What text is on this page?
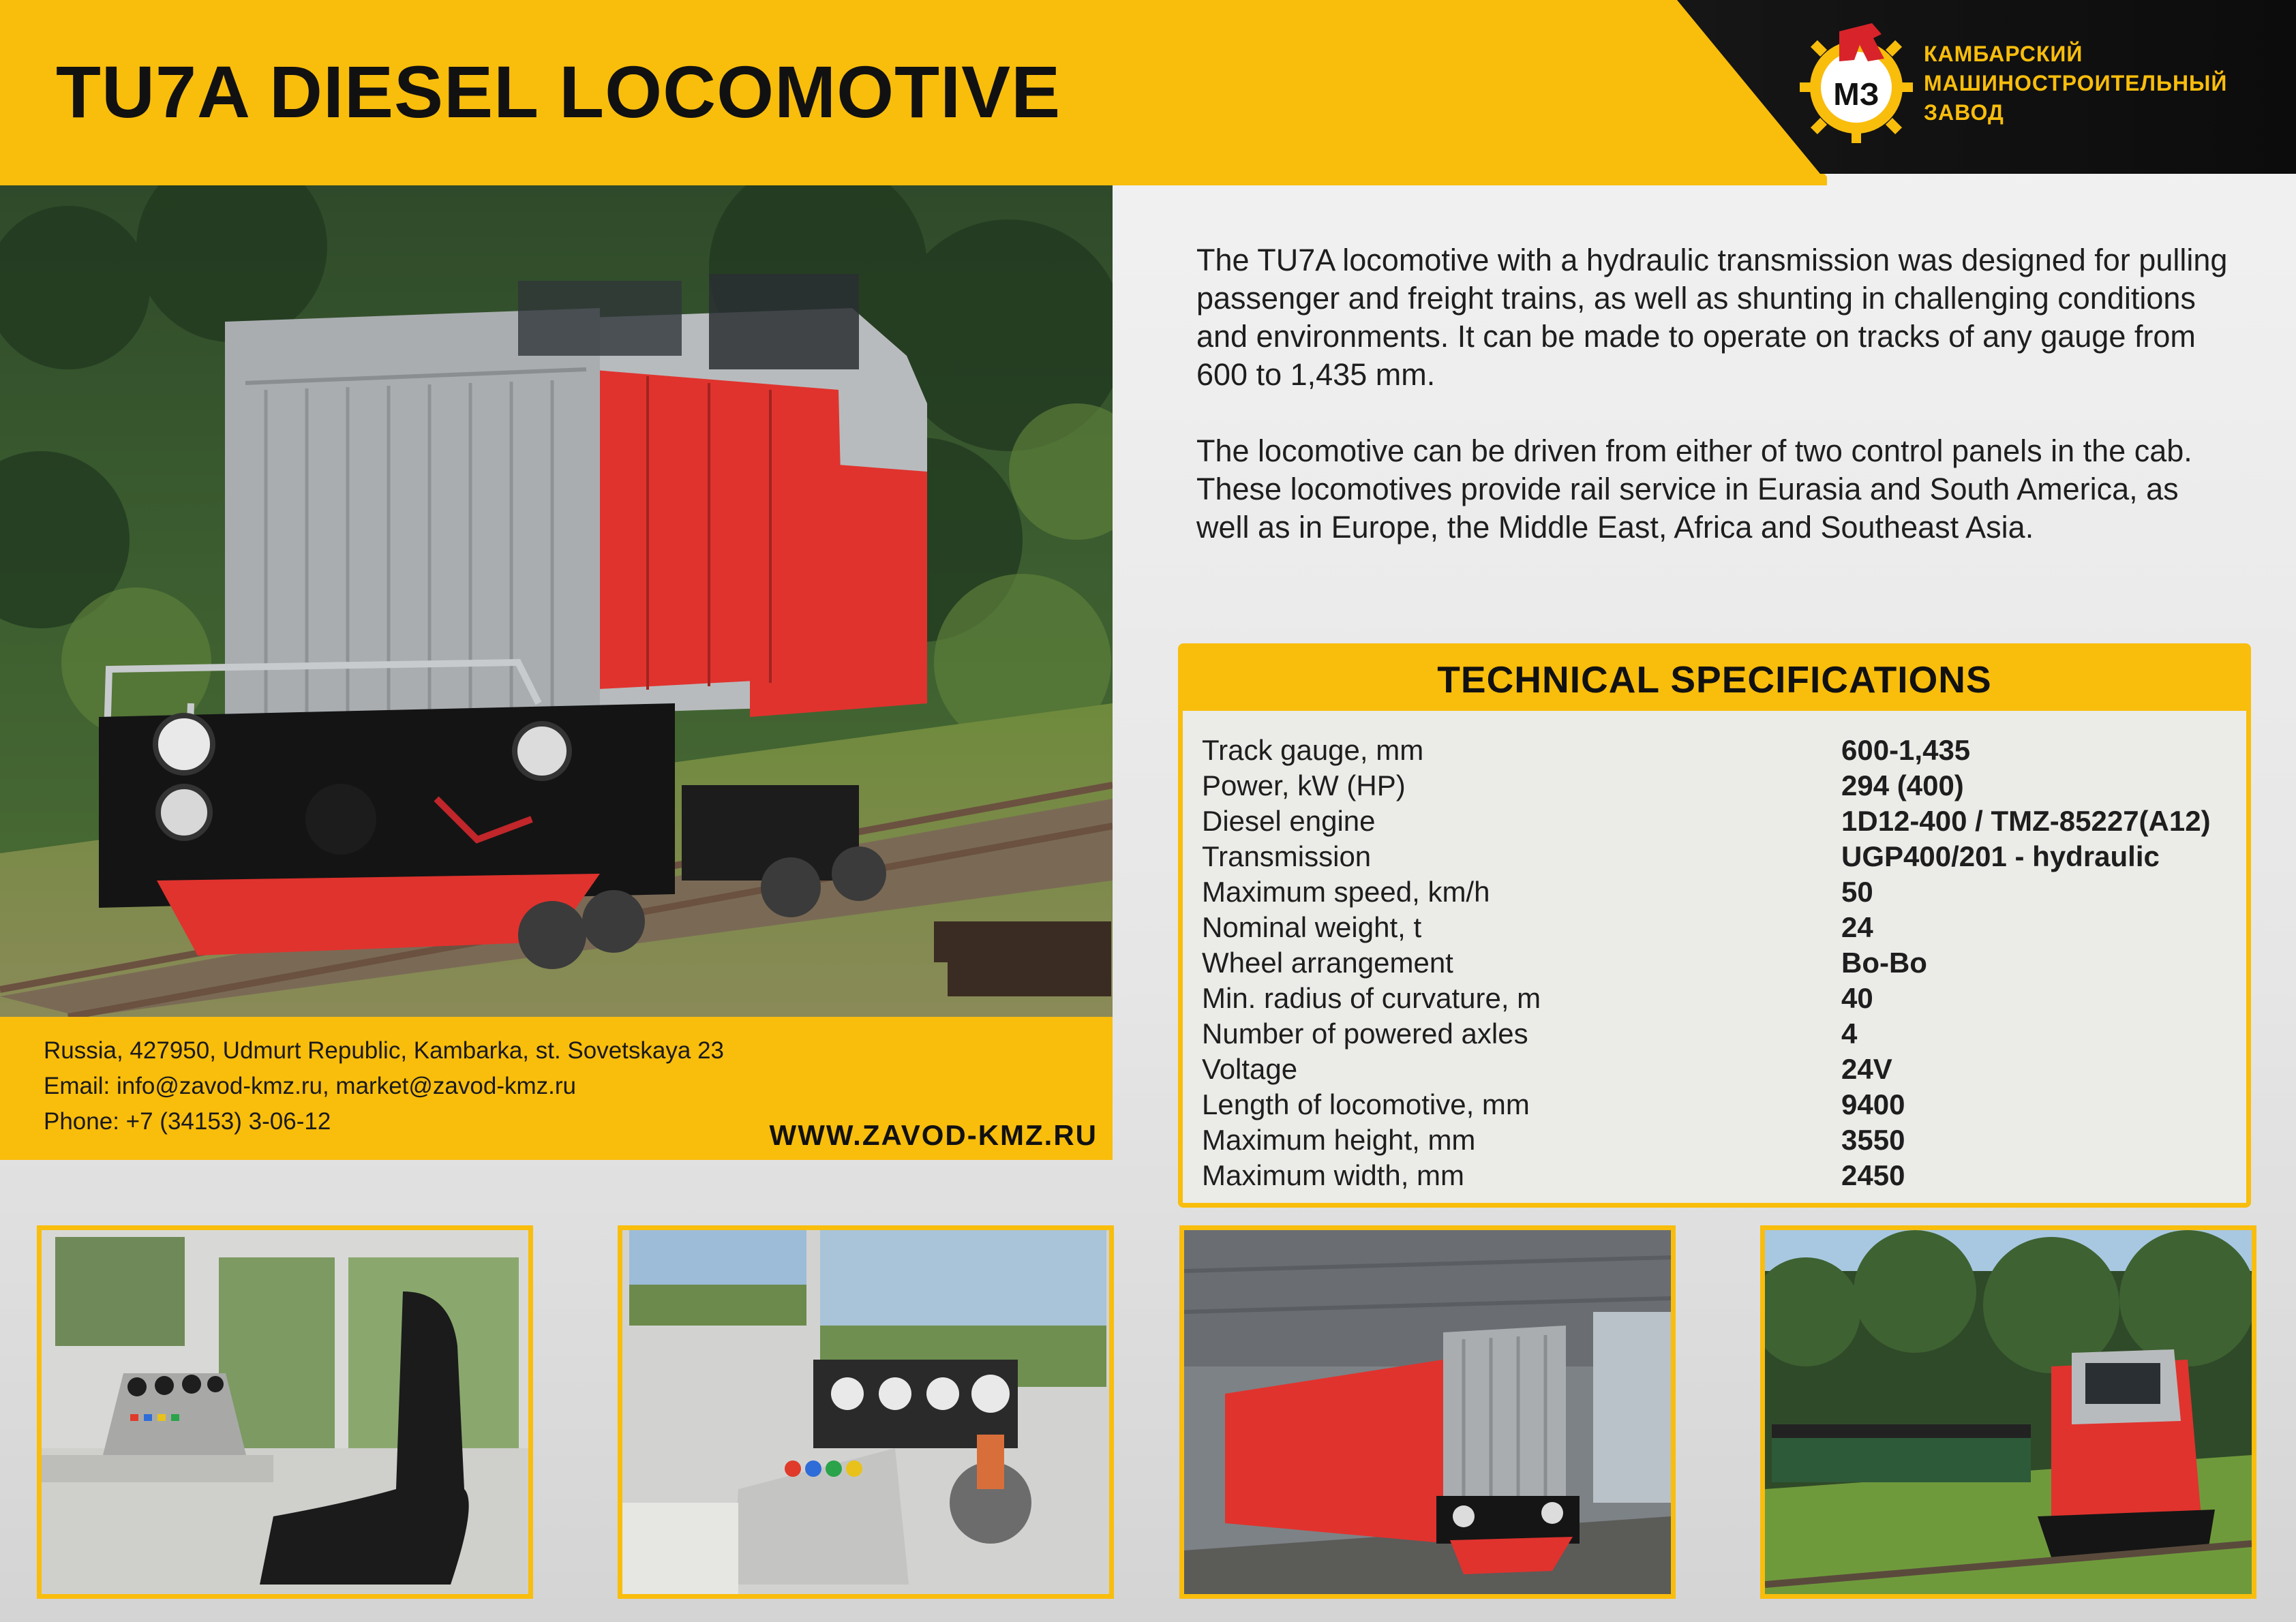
TU7A DIESEL LOCOMOTIVE	МЗ
КАМБАРСКИЙ
МАШИНОСТРОИТЕЛЬНЫЙ
ЗАВОД
Russia, 427950, Udmurt Republic, Kambarka, st. Sovetskaya 23
Email: info@zavod-kmz.ru, market@zavod-kmz.ru
Phone: +7 (34153) 3-06-12	WWW.ZAVOD-KMZ.RU

The TU7A locomotive with a hydraulic transmission was designed for pulling passenger and freight trains, as well as shunting in challenging conditions and environments. It can be made to operate on tracks of any gauge from 600 to 1,435 mm.

The locomotive can be driven from either of two control panels in the cab. These locomotives provide rail service in Eurasia and South America, as well as in Europe, the Middle East, Africa and Southeast Asia.

TECHNICAL SPECIFICATIONS
Track gauge, mm	600-1,435
Power, kW (HP)	294 (400)
Diesel engine	1D12-400 / TMZ-85227(A12)
Transmission	UGP400/201 - hydraulic
Maximum speed, km/h	50
Nominal weight, t	24
Wheel arrangement	Bo-Bo
Min. radius of curvature, m	40
Number of powered axles	4
Voltage	24V
Length of locomotive, mm	9400
Maximum height, mm	3550
Maximum width, mm	2450
